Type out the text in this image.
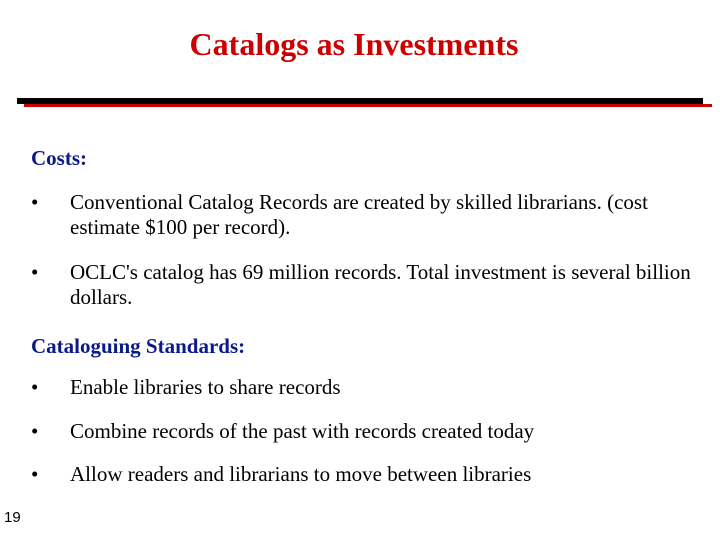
Catalogs as Investments
Costs:
•	Conventional Catalog Records are created by skilled librarians. (cost estimate $100 per record).
•	OCLC's catalog has 69 million records. Total investment is several billion dollars.
Cataloguing Standards:
•	Enable libraries to share records
•	Combine records of the past with records created today
•	Allow readers and librarians to move between libraries
19
